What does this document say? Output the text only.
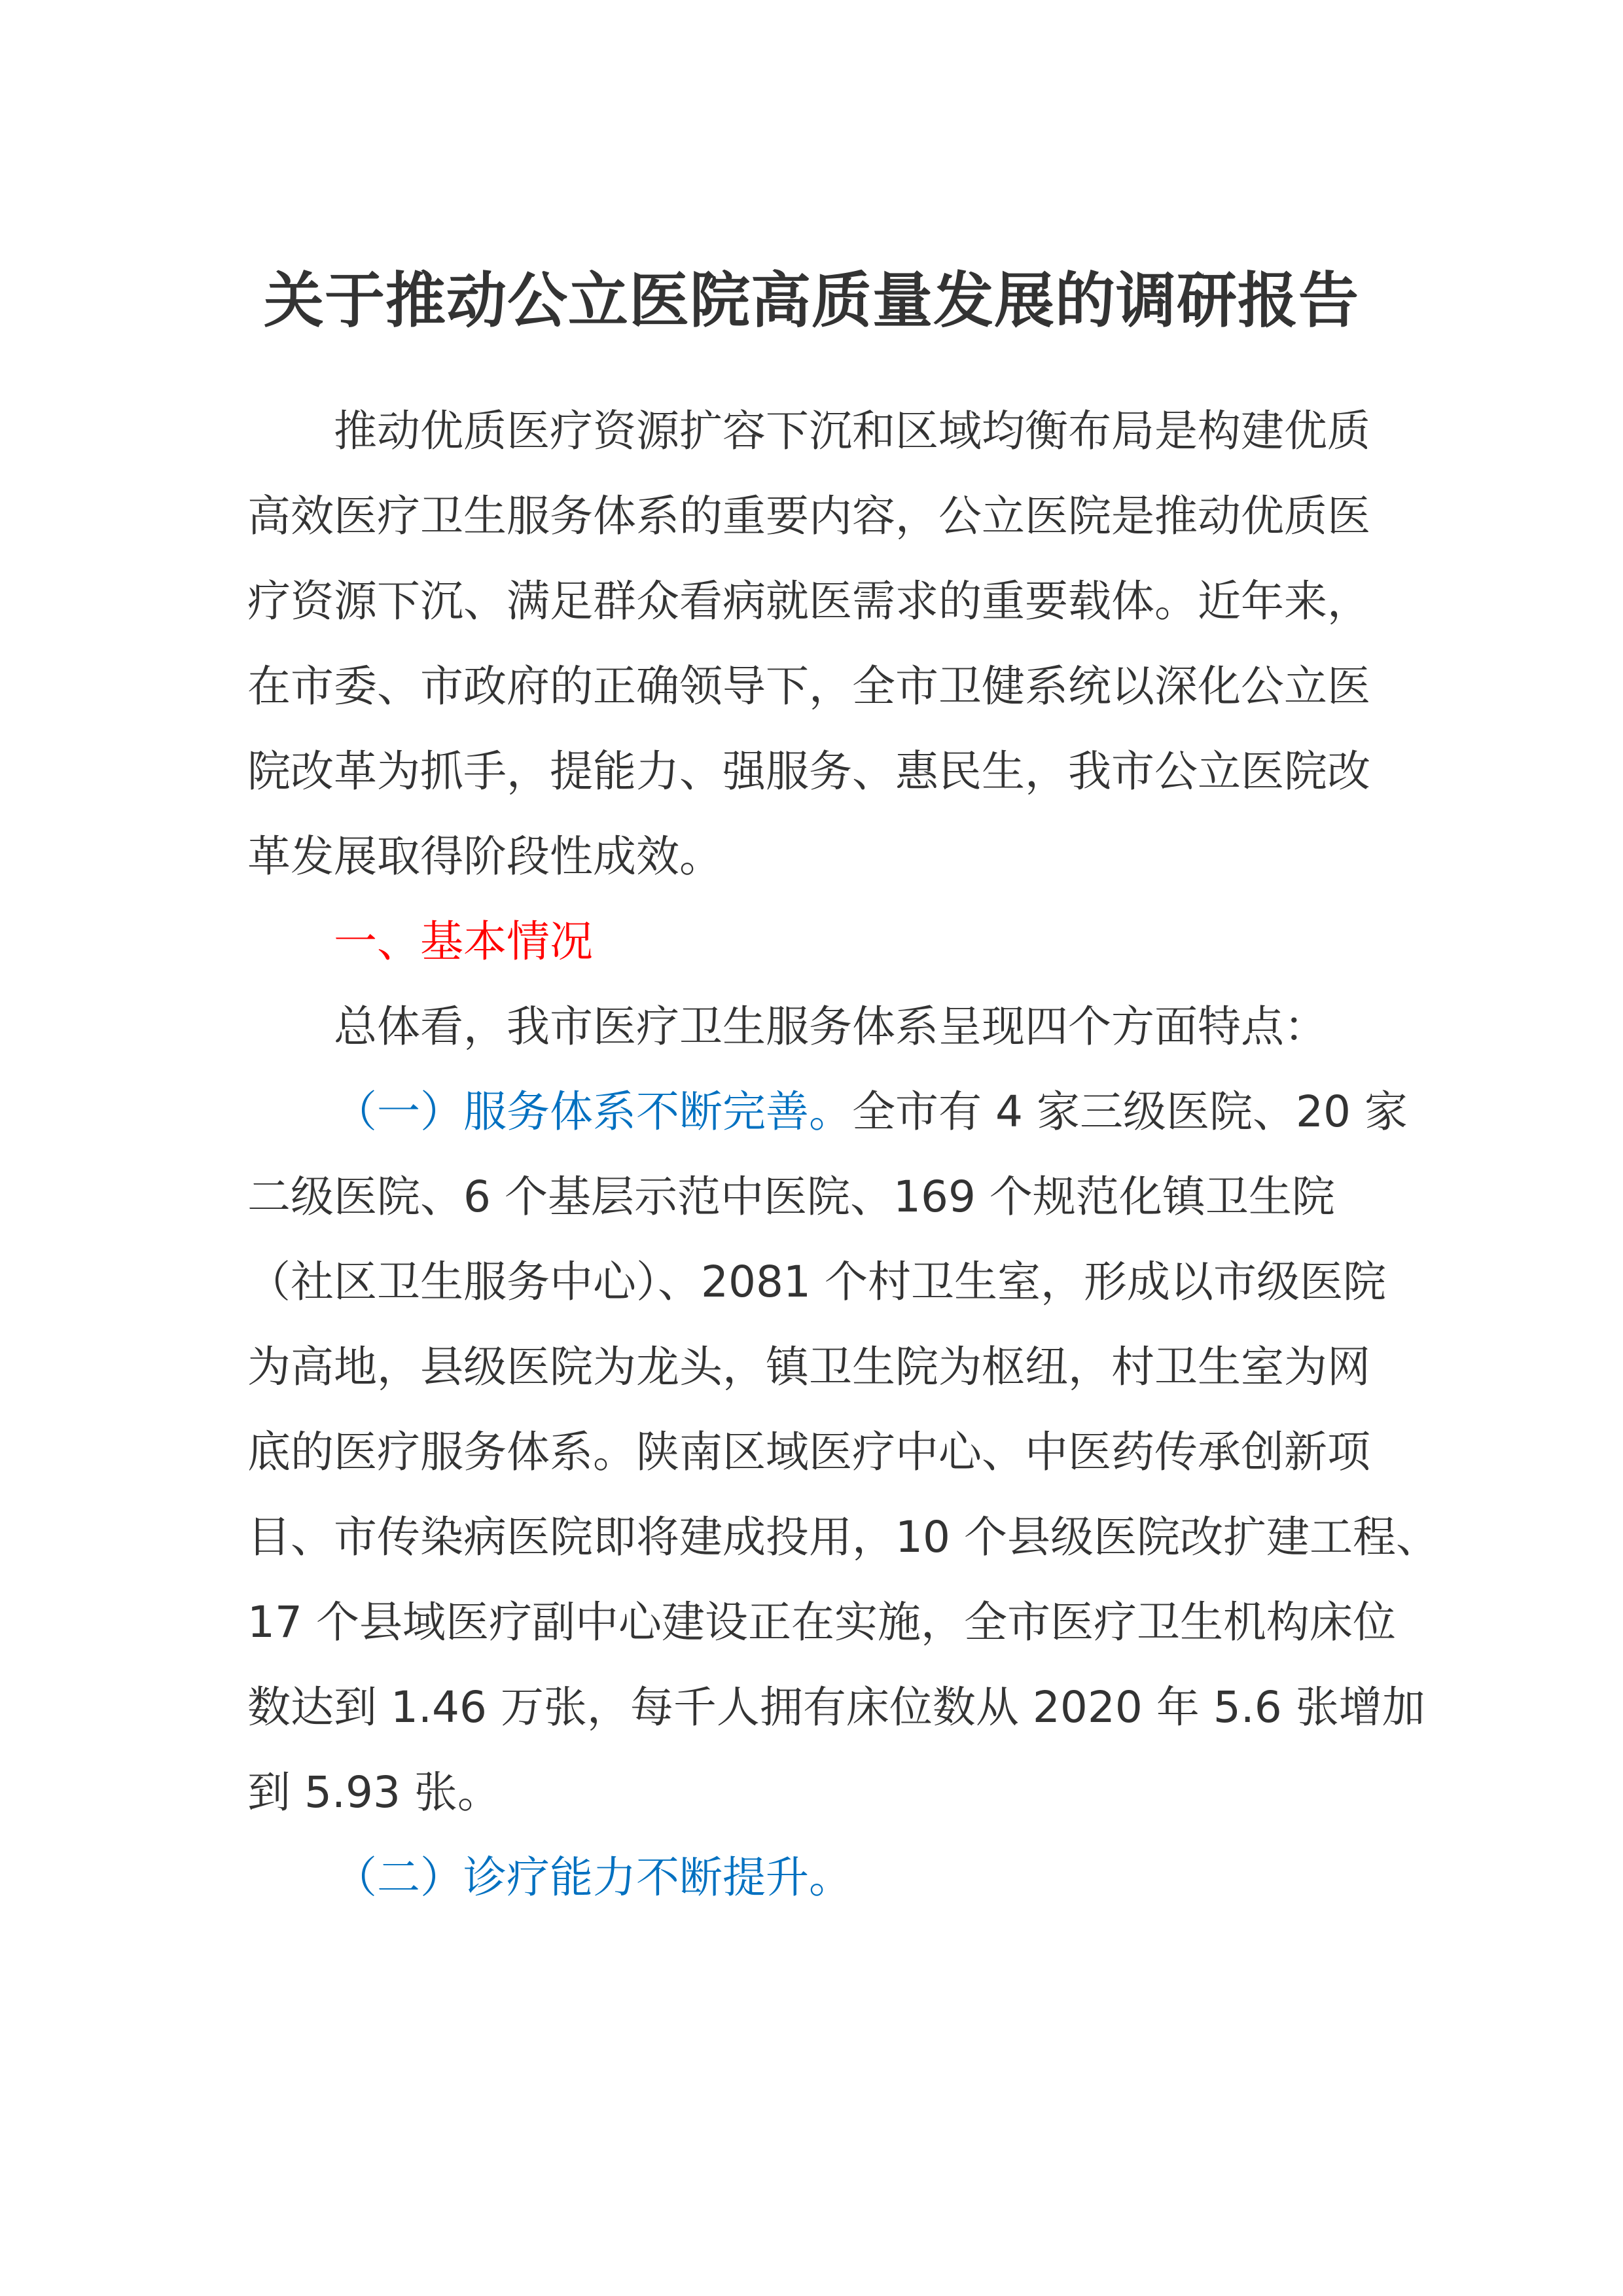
关于推动公立医院高质量发展的调研报告
推动优质医疗资源扩容下沉和区域均衡布局是构建优质
高效医疗卫生服务体系的重要内容，公立医院是推动优质医
疗资源下沉、满足群众看病就医需求的重要载体。近年来，
在市委、市政府的正确领导下，全市卫健系统以深化公立医
院改革为抓手，提能力、强服务、惠民生，我市公立医院改
革发展取得阶段性成效。
一、基本情况
总体看，我市医疗卫生服务体系呈现四个方面特点：
（一）服务体系不断完善。全市有 4 家三级医院、20 家
二级医院、6 个基层示范中医院、169 个规范化镇卫生院
（社区卫生服务中心）、2081 个村卫生室，形成以市级医院
为高地，县级医院为龙头，镇卫生院为枢纽，村卫生室为网
底的医疗服务体系。陕南区域医疗中心、中医药传承创新项
目、市传染病医院即将建成投用，10 个县级医院改扩建工程、
17 个县域医疗副中心建设正在实施，全市医疗卫生机构床位
数达到 1.46 万张，每千人拥有床位数从 2020 年 5.6 张增加
到 5.93 张。
（二）诊疗能力不断提升。
